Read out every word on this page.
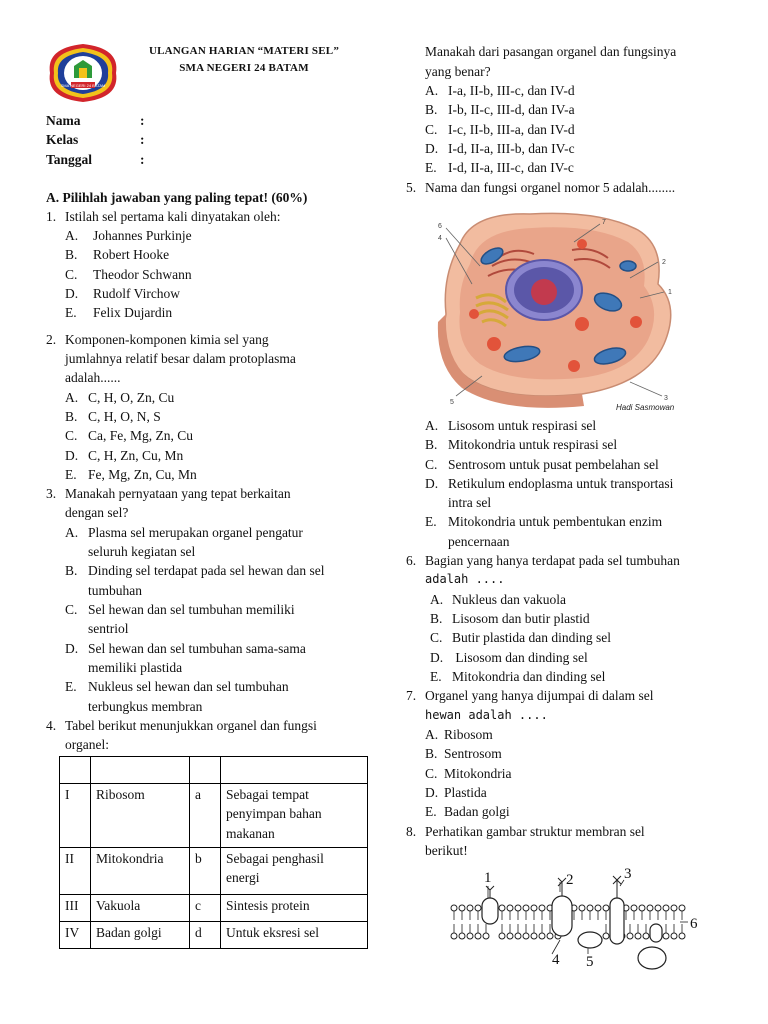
SMA NEGERI 24 BATAM
ULANGAN HARIAN “MATERI SEL”
SMA NEGERI 24 BATAM
Nama	:
Kelas	:
Tanggal	:
A. Pilihlah jawaban yang paling tepat! (60%)
1. Istilah sel pertama kali dinyatakan oleh:
A. Johannes Purkinje
B. Robert Hooke
C. Theodor Schwann
D. Rudolf Virchow
E. Felix Dujardin
2. Komponen-komponen kimia sel yang
jumlahnya relatif besar dalam protoplasma
adalah......
A. C, H, O, Zn, Cu
B. C, H, O, N, S
C. Ca, Fe, Mg, Zn, Cu
D. C, H, Zn, Cu, Mn
E. Fe, Mg, Zn, Cu, Mn
3. Manakah pernyataan yang tepat berkaitan
dengan sel?
A. Plasma sel merupakan organel pengatur
seluruh kegiatan sel
B. Dinding sel terdapat pada sel hewan dan sel
tumbuhan
C. Sel hewan dan sel tumbuhan memiliki
sentriol
D. Sel hewan dan sel tumbuhan sama-sama
memiliki plastida
E. Nukleus sel hewan dan sel tumbuhan
terbungkus membran
4. Tabel berikut menunjukkan organel dan fungsi
organel:

I	Ribosom	a	Sebagai tempat
penyimpan bahan
makanan

II	Mitokondria	b	Sebagai penghasil
energi

III	Vakuola	c	Sintesis protein

IV	Badan golgi	d	Untuk eksresi sel
Manakah dari pasangan organel dan fungsinya
yang benar?
A. I-a, II-b, III-c, dan IV-d
B. I-b, II-c, III-d, dan IV-a
C. I-c, II-b, III-a, dan IV-d
D. I-d, II-a, III-b, dan IV-c
E. I-d, II-a, III-c, dan IV-c
5. Nama dan fungsi organel nomor 5 adalah........
6
4
7
2
1
5
3
Hadi Sasmowan
A. Lisosom untuk respirasi sel
B. Mitokondria untuk respirasi sel
C. Sentrosom untuk pusat pembelahan sel
D. Retikulum endoplasma untuk transportasi
intra sel
E. Mitokondria untuk pembentukan enzim
pencernaan
6. Bagian yang hanya terdapat pada sel tumbuhan
adalah ....
A. Nukleus dan vakuola
B. Lisosom dan butir plastid
C. Butir plastida dan dinding sel
D. Lisosom dan dinding sel
E. Mitokondria dan dinding sel
7. Organel yang hanya dijumpai di dalam sel
hewan adalah ....
A. Ribosom
B. Sentrosom
C. Mitokondria
D. Plastida
E. Badan golgi
8. Perhatikan gambar struktur membran sel
berikut!
1	2	3
6
4 5
